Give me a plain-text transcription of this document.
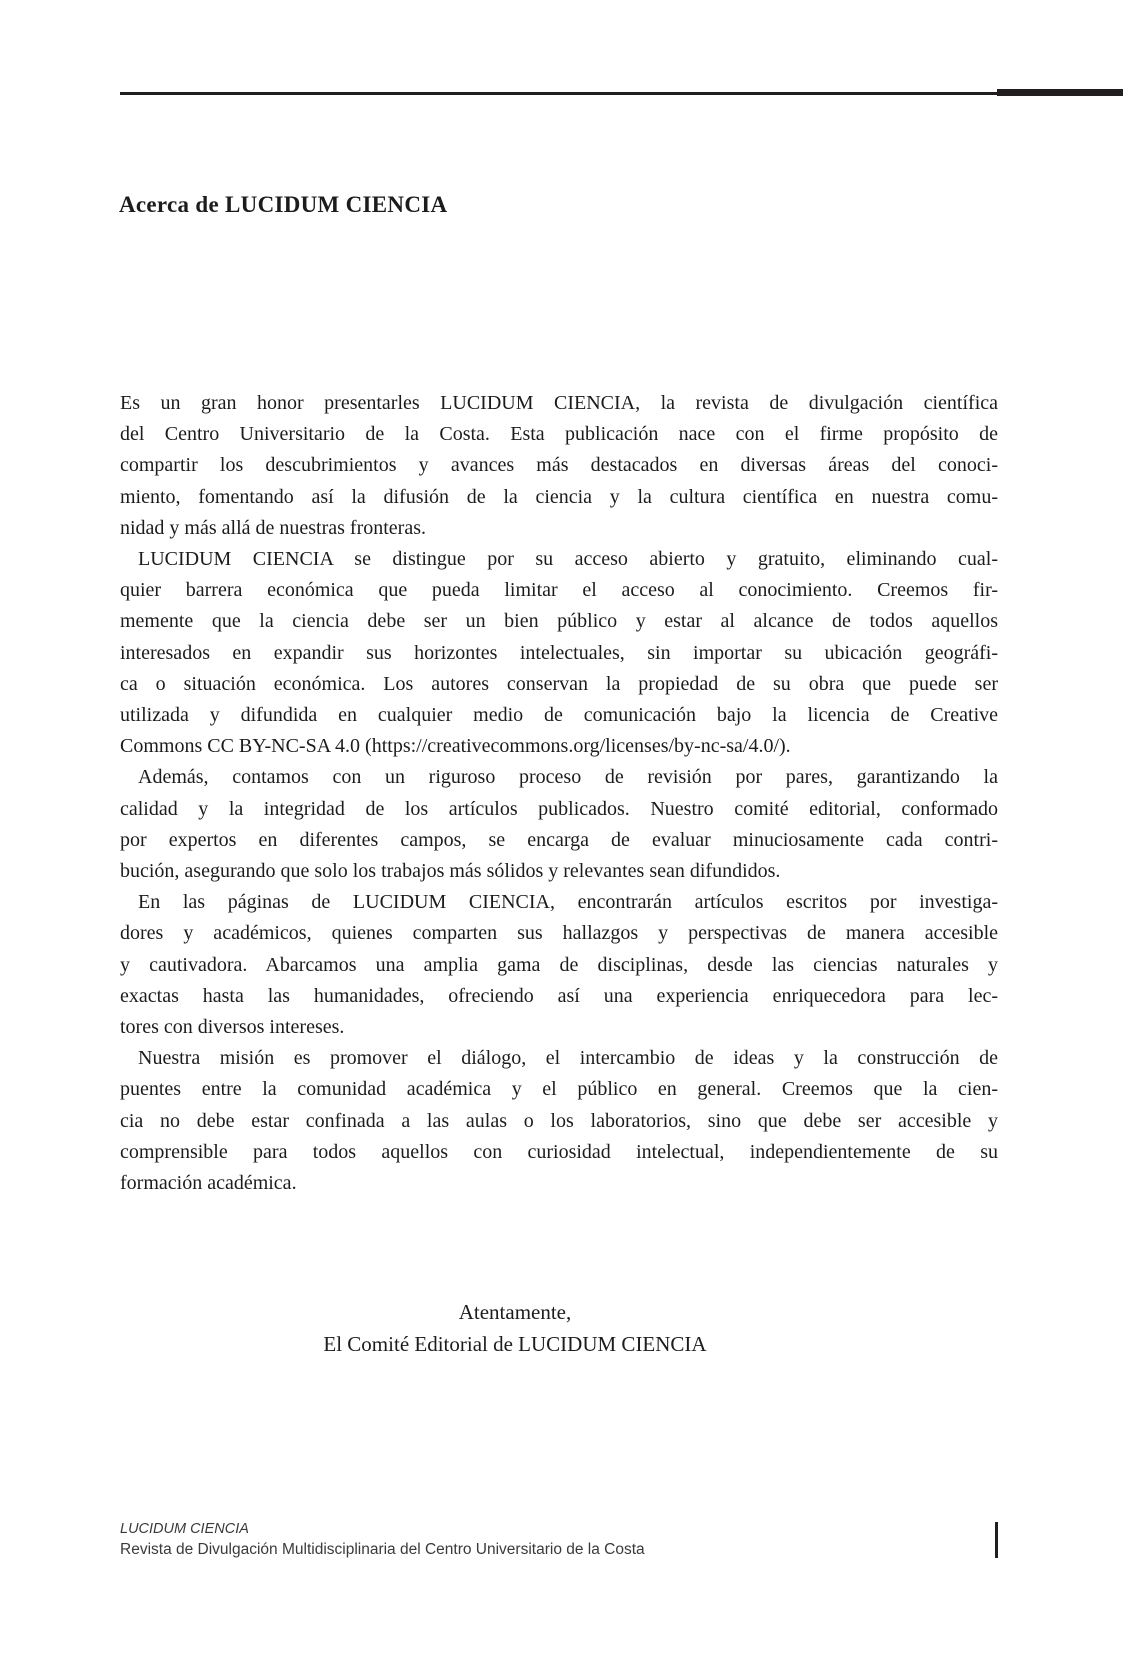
Acerca de LUCIDUM CIENCIA
Es un gran honor presentarles LUCIDUM CIENCIA, la revista de divulgación científica
del Centro Universitario de la Costa. Esta publicación nace con el firme propósito de
compartir los descubrimientos y avances más destacados en diversas áreas del conoci-
miento, fomentando así la difusión de la ciencia y la cultura científica en nuestra comu-
nidad y más allá de nuestras fronteras.
LUCIDUM CIENCIA se distingue por su acceso abierto y gratuito, eliminando cual-
quier barrera económica que pueda limitar el acceso al conocimiento. Creemos fir-
memente que la ciencia debe ser un bien público y estar al alcance de todos aquellos
interesados en expandir sus horizontes intelectuales, sin importar su ubicación geográfi-
ca o situación económica. Los autores conservan la propiedad de su obra que puede ser
utilizada y difundida en cualquier medio de comunicación bajo la licencia de Creative
Commons CC BY-NC-SA 4.0 (https://creativecommons.org/licenses/by-nc-sa/4.0/).
Además, contamos con un riguroso proceso de revisión por pares, garantizando la
calidad y la integridad de los artículos publicados. Nuestro comité editorial, conformado
por expertos en diferentes campos, se encarga de evaluar minuciosamente cada contri-
bución, asegurando que solo los trabajos más sólidos y relevantes sean difundidos.
En las páginas de LUCIDUM CIENCIA, encontrarán artículos escritos por investiga-
dores y académicos, quienes comparten sus hallazgos y perspectivas de manera accesible
y cautivadora. Abarcamos una amplia gama de disciplinas, desde las ciencias naturales y
exactas hasta las humanidades, ofreciendo así una experiencia enriquecedora para lec-
tores con diversos intereses.
Nuestra misión es promover el diálogo, el intercambio de ideas y la construcción de
puentes entre la comunidad académica y el público en general. Creemos que la cien-
cia no debe estar confinada a las aulas o los laboratorios, sino que debe ser accesible y
comprensible para todos aquellos con curiosidad intelectual, independientemente de su
formación académica.
Atentamente,
El Comité Editorial de LUCIDUM CIENCIA
LUCIDUM CIENCIA
Revista de Divulgación Multidisciplinaria del Centro Universitario de la Costa
